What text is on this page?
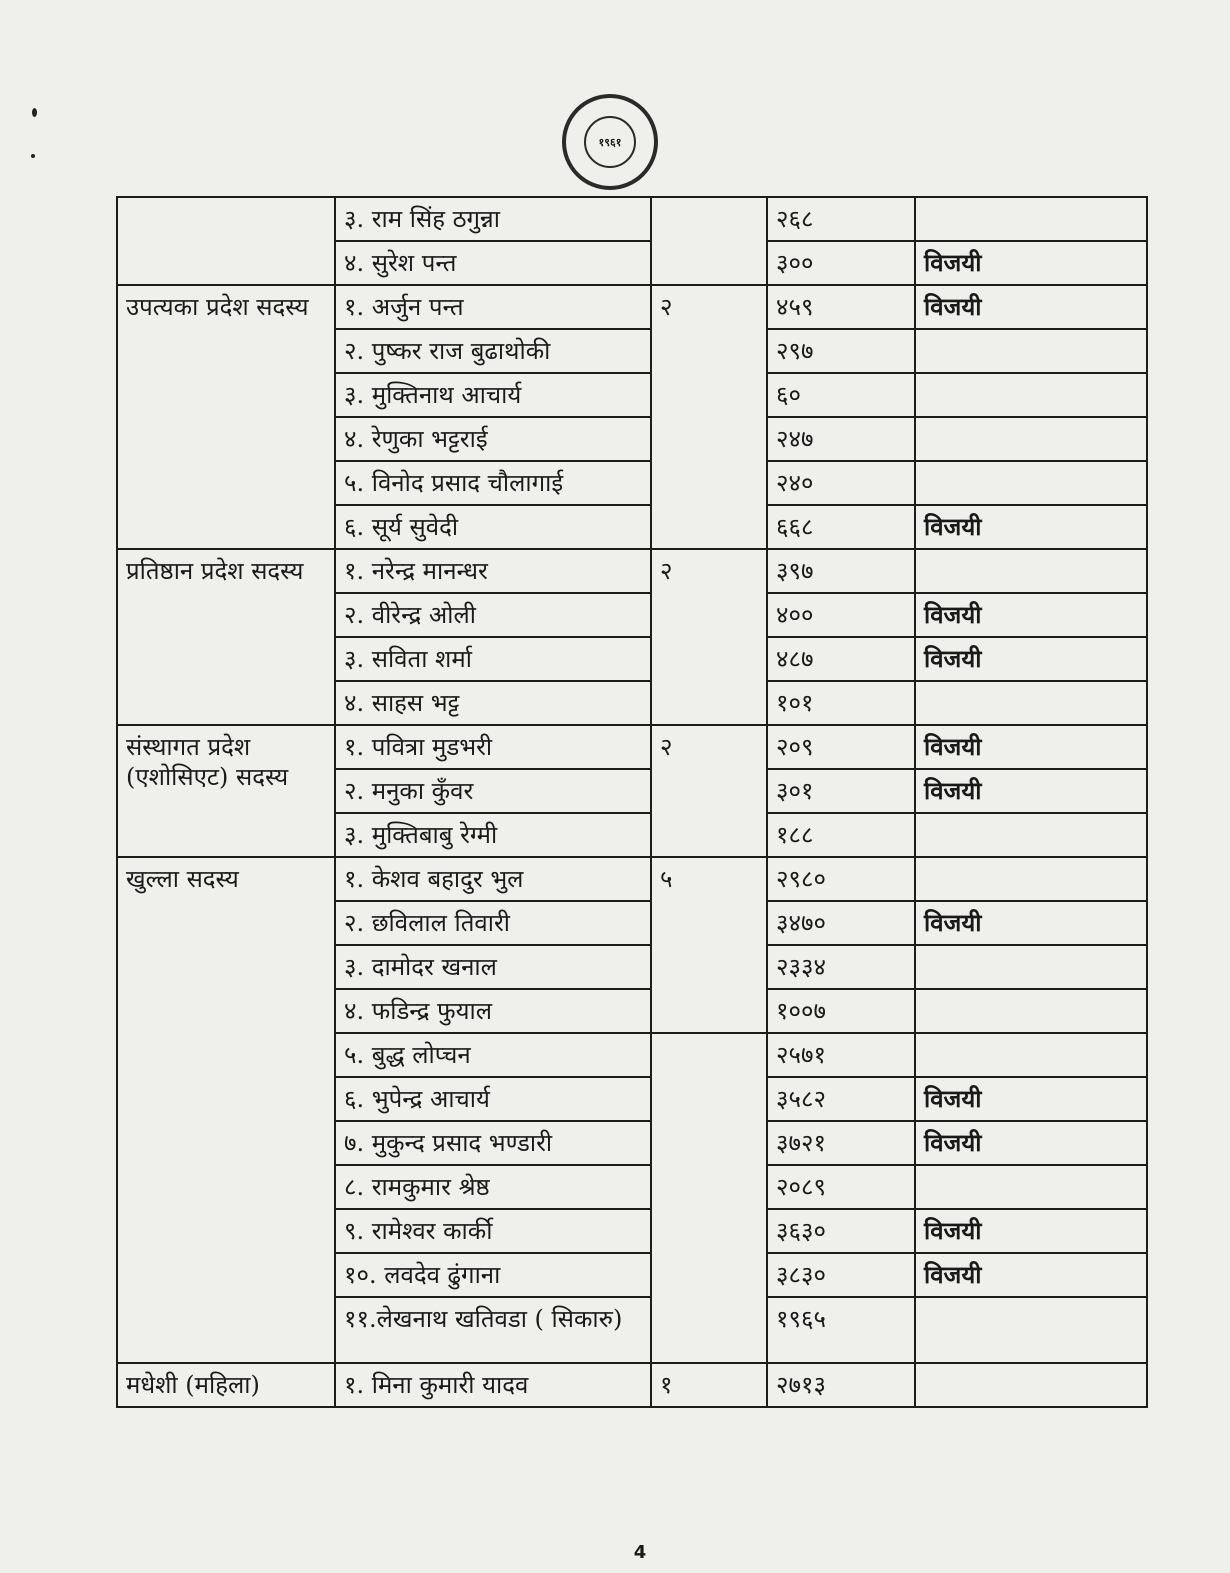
१९६१
	३. राम सिंह ठगुन्ना		२६८	
	४. सुरेश पन्त		३००	विजयी
उपत्यका प्रदेश सदस्य	१. अर्जुन पन्त	२	४५९	विजयी
	२. पुष्कर राज बुढाथोकी		२९७	
	३. मुक्तिनाथ आचार्य		६०	
	४. रेणुका भट्टराई		२४७	
	५. विनोद प्रसाद चौलागाई		२४०	
	६. सूर्य सुवेदी		६६८	विजयी
प्रतिष्ठान प्रदेश सदस्य	१. नरेन्द्र मानन्धर	२	३९७	
	२. वीरेन्द्र ओली		४००	विजयी
	३. सविता शर्मा		४८७	विजयी
	४. साहस भट्ट		१०१	
संस्थागत प्रदेश (एशोसिएट) सदस्य	१. पवित्रा मुडभरी	२	२०९	विजयी
	२. मनुका कुँवर		३०१	विजयी
	३. मुक्तिबाबु रेग्मी		१८८	
खुल्ला सदस्य	१. केशव बहादुर भुल	५	२९८०	
	२. छविलाल तिवारी		३४७०	विजयी
	३. दामोदर खनाल		२३३४	
	४. फडिन्द्र फुयाल		१००७	
	५. बुद्ध लोप्चन		२५७१	
	६. भुपेन्द्र आचार्य		३५८२	विजयी
	७. मुकुन्द प्रसाद भण्डारी		३७२१	विजयी
	८. रामकुमार श्रेष्ठ		२०८९	
	९. रामेश्वर कार्की		३६३०	विजयी
	१०. लवदेव ढुंगाना		३८३०	विजयी
	११.लेखनाथ खतिवडा ( सिकारु)		१९६५	
मधेशी (महिला)	१. मिना कुमारी यादव	१	२७१३	
4
